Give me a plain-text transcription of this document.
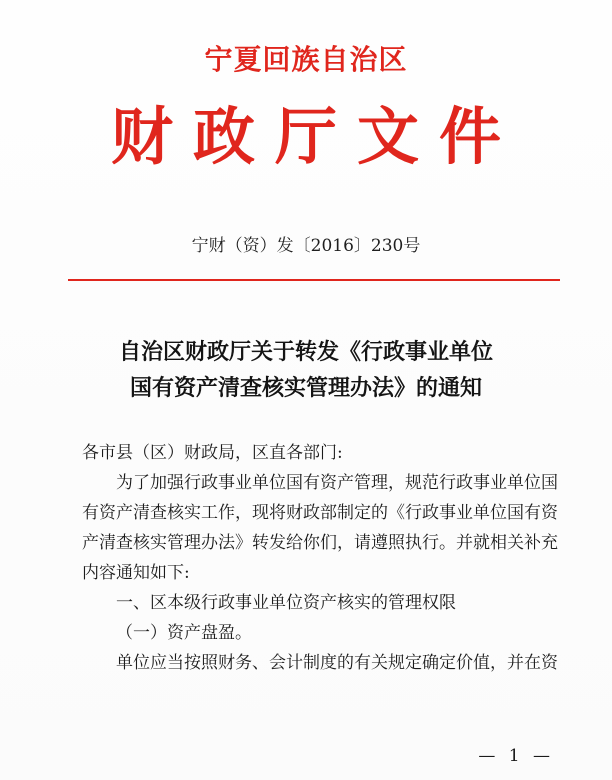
宁夏回族自治区
财政厅文件
宁财（资）发〔2016〕230号
自治区财政厅关于转发《行政事业单位
国有资产清查核实管理办法》的通知
各市县（区）财政局，区直各部门:
为了加强行政事业单位国有资产管理，规范行政事业单位国
有资产清查核实工作，现将财政部制定的《行政事业单位国有资
产清查核实管理办法》转发给你们，请遵照执行。并就相关补充
内容通知如下:
一、区本级行政事业单位资产核实的管理权限
（一）资产盘盈。
单位应当按照财务、会计制度的有关规定确定价值，并在资
— 1 —
